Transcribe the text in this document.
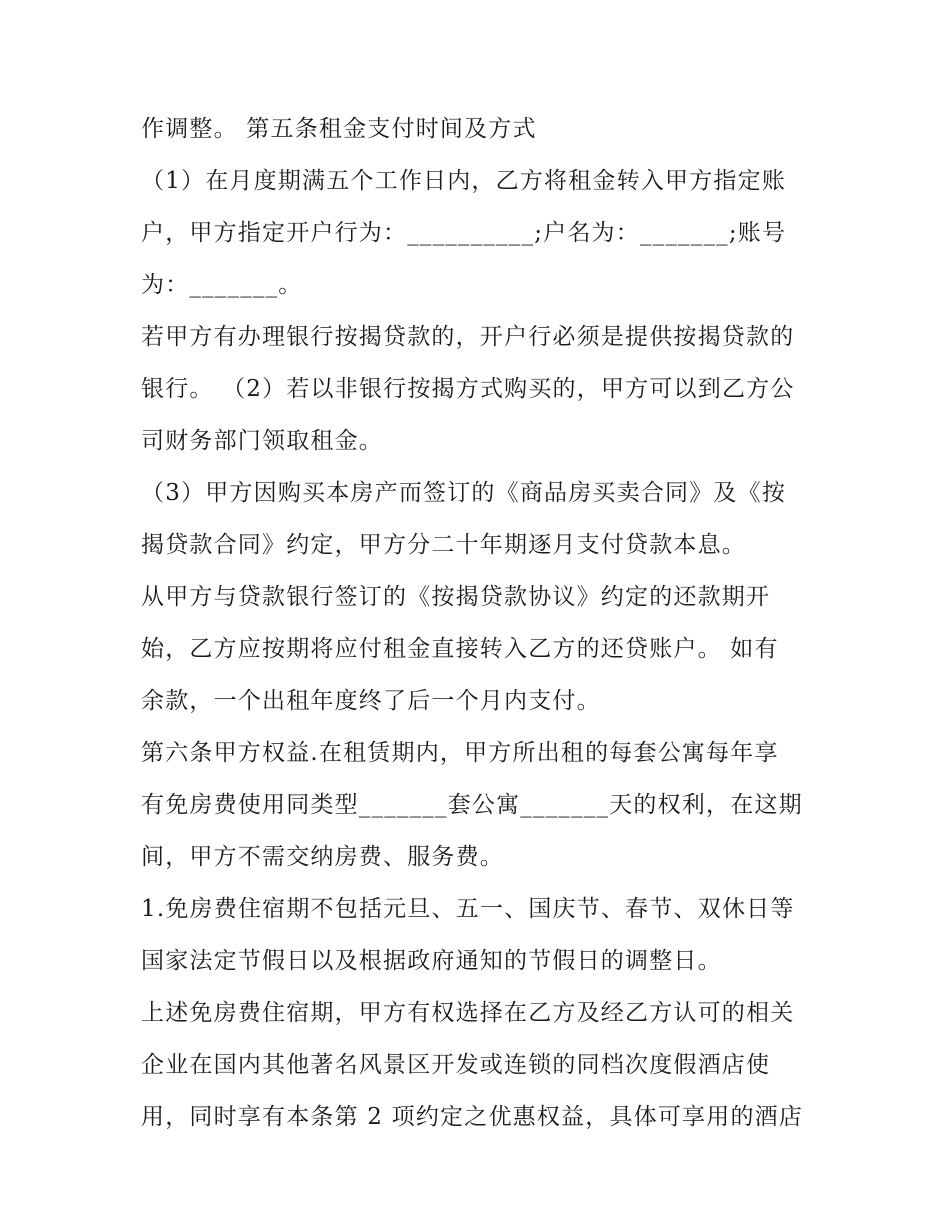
作调整。 第五条租金支付时间及方式
（1）在月度期满五个工作日内，乙方将租金转入甲方指定账
户，甲方指定开户行为：__________;户名为：_______;账号
为：_______。
若甲方有办理银行按揭贷款的，开户行必须是提供按揭贷款的
银行。 （2）若以非银行按揭方式购买的，甲方可以到乙方公
司财务部门领取租金。
（3）甲方因购买本房产而签订的《商品房买卖合同》及《按
揭贷款合同》约定，甲方分二十年期逐月支付贷款本息。
从甲方与贷款银行签订的《按揭贷款协议》约定的还款期开
始，乙方应按期将应付租金直接转入乙方的还贷账户。 如有
余款，一个出租年度终了后一个月内支付。
第六条甲方权益.在租赁期内，甲方所出租的每套公寓每年享
有免房费使用同类型_______套公寓_______天的权利，在这期
间，甲方不需交纳房费、服务费。
1.免房费住宿期不包括元旦、五一、国庆节、春节、双休日等
国家法定节假日以及根据政府通知的节假日的调整日。
上述免房费住宿期，甲方有权选择在乙方及经乙方认可的相关
企业在国内其他著名风景区开发或连锁的同档次度假酒店使
用，同时享有本条第 2 项约定之优惠权益，具体可享用的酒店
